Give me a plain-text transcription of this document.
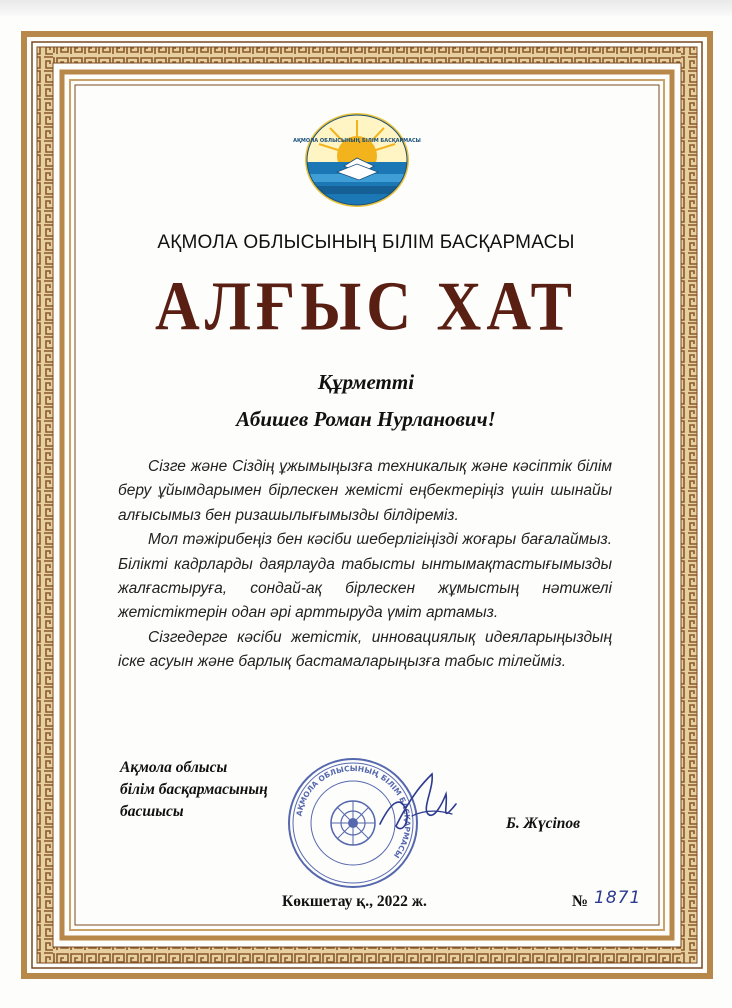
АҚМОЛА ОБЛЫСЫНЫҢ БІЛІМ БАСҚАРМАСЫ
АҚМОЛА ОБЛЫСЫНЫҢ БІЛІМ БАСҚАРМАСЫ
АЛҒЫС ХАТ
Құрметті
Абишев Роман Нурланович!

Сізге және Сіздің ұжымыңызға техникалық және кәсіптік білім беру ұйымдарымен бірлескен жемісті еңбектеріңіз үшін шынайы алғысымыз бен ризашылығымызды білдіреміз.

Мол тәжірибеңіз бен кәсіби шеберлігіңізді жоғары бағалаймыз. Білікті кадрларды даярлауда табысты ынтымақтастығымызды жалғастыруға, сондай-ақ бірлескен жұмыстың нәтижелі жетістіктерін одан әрі арттыруда үміт артамыз.

Сізгедерге кәсіби жетістік, инновациялық идеяларыңыздың іске асуын және барлық бастамаларыңызға табыс тілейміз.

АҚМОЛА ОБЛЫСЫНЫҢ БІЛІМ БАСҚАРМАСЫ
Ақмола облысы
білім басқармасының
басшысы
Б. Жүсіпов
Көкшетау қ., 2022 ж.	№ 1871
